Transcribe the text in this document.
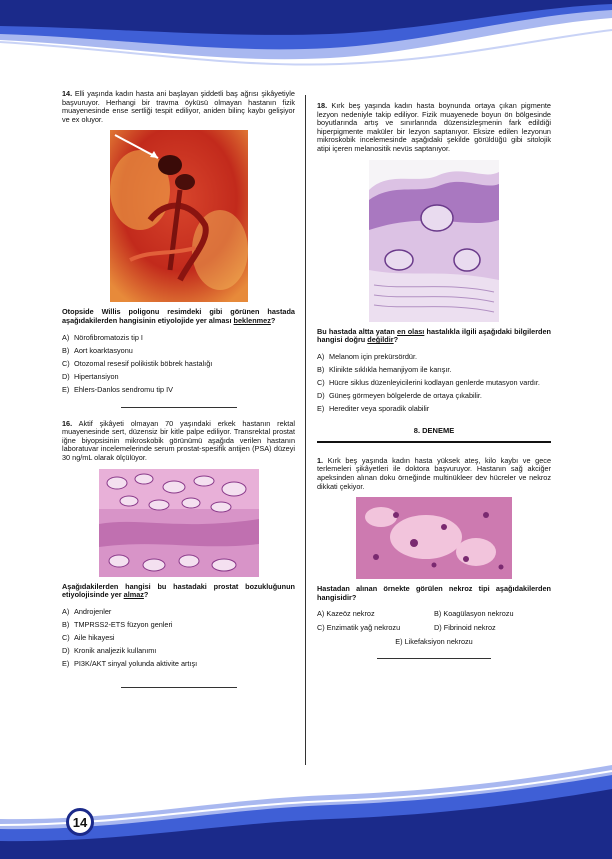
14. Elli yaşında kadın hasta ani başlayan şiddetli baş ağrısı şikâyetiyle başvuruyor. Herhangi bir travma öyküsü olmayan hastanın fizik muayenesinde ense sertliği tespit ediliyor, aniden bilinç kaybı gelişiyor ve ex oluyor.
Otopside Willis poligonu resimdeki gibi görünen hastada aşağıdakilerden hangisinin etiyolojide yer alması beklenmez?
A) Nörofibromatozis tip I
B) Aort koarktasyonu
C) Otozomal resesif polikistik böbrek hastalığı
D) Hipertansiyon
E) Ehlers-Danlos sendromu tip IV
16. Aktif şikâyeti olmayan 70 yaşındaki erkek hastanın rektal muayenesinde sert, düzensiz bir kitle palpe ediliyor. Transrektal prostat iğne biyopsisinin mikroskobik görünümü aşağıda verilen hastanın laboratuvar incelemelerinde serum prostat-spesifik antijen (PSA) düzeyi 30 ng/mL olarak ölçülüyor.
Aşağıdakilerden hangisi bu hastadaki prostat bozukluğunun etiyolojisinde yer almaz?
A) Androjenler
B) TMPRSS2-ETS füzyon genleri
C) Aile hikayesi
D) Kronik analjezik kullanımı
E) PI3K/AKT sinyal yolunda aktivite artışı
18. Kırk beş yaşında kadın hasta boynunda ortaya çıkan pigmente lezyon nedeniyle takip ediliyor. Fizik muayenede boyun ön bölgesinde boyutlarında artış ve sınırlarında düzensizleşmenin fark edildiği hiperpigmente maküler bir lezyon saptanıyor. Eksize edilen lezyonun mikroskobik incelemesinde aşağıdaki şekilde görüldüğü gibi sitolojik atipi içeren melanositik nevüs saptanıyor.
Bu hastada altta yatan en olası hastalıkla ilgili aşağıdaki bilgilerden hangisi doğru değildir?
A) Melanom için prekürsördür.
B) Klinikte sıklıkla hemanjiyom ile karışır.
C) Hücre siklus düzenleyicilerini kodlayan genlerde mutasyon vardır.
D) Güneş görmeyen bölgelerde de ortaya çıkabilir.
E) Herediter veya sporadik olabilir
8. DENEME
1. Kırk beş yaşında kadın hasta yüksek ateş, kilo kaybı ve gece terlemeleri şikâyetleri ile doktora başvuruyor. Hastanın sağ akciğer apeksinden alınan doku örneğinde multinükleer dev hücreler ve nekroz dikkati çekiyor.
Hastadan alınan örnekte görülen nekroz tipi aşağıdakilerden hangisidir?
A) Kazeöz nekroz	B) Koagülasyon nekrozu
C) Enzimatik yağ nekrozu	D) Fibrinoid nekroz
E) Likefaksiyon nekrozu
14
